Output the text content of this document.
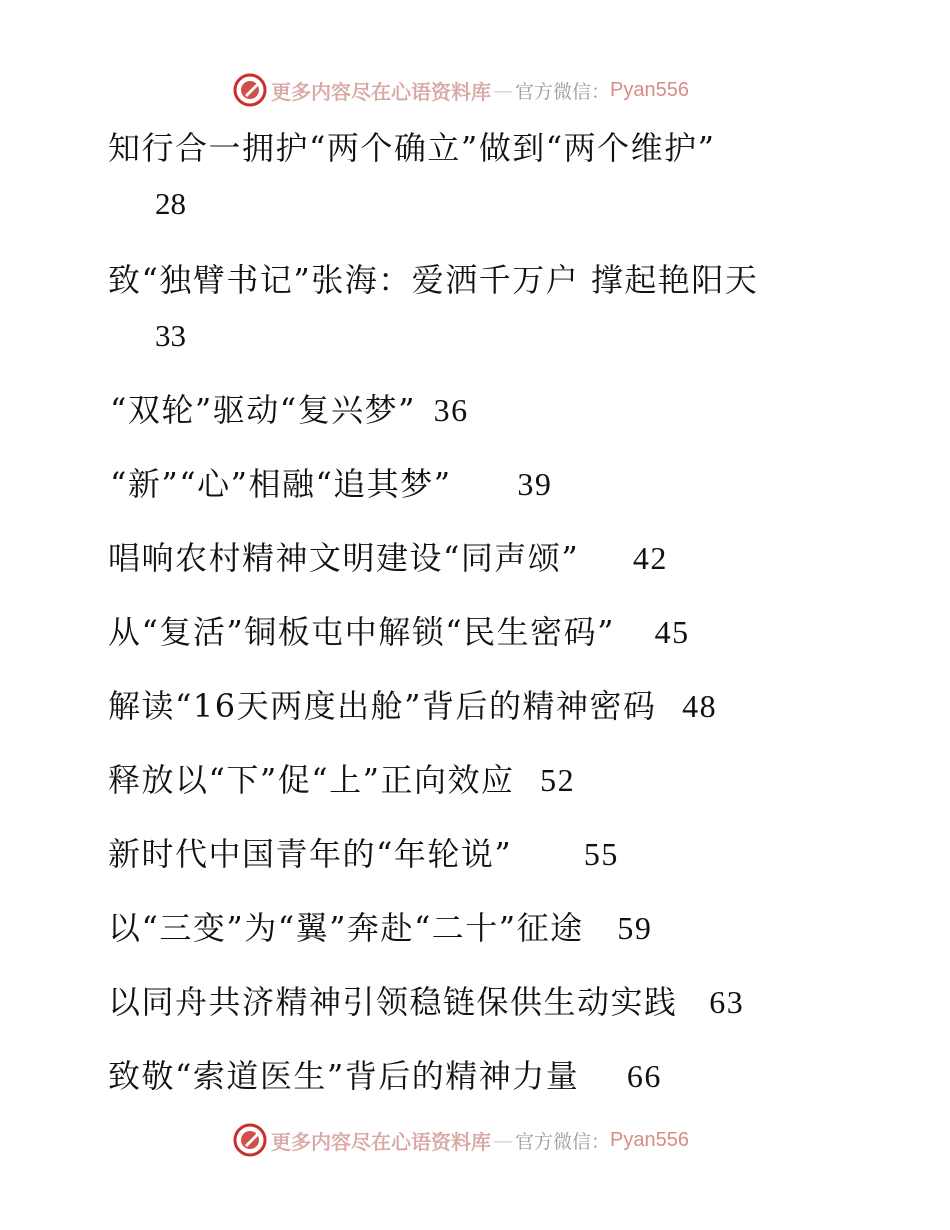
更多内容尽在心语资料库 — 官方微信： Pyan556
知行合一拥护“两个确立”做到“两个维护”
28
致“独臂书记”张海：爱洒千万户 撑起艳阳天
33
“双轮”驱动“复兴梦” 36
“新”“心”相融“追其梦” 39
唱响农村精神文明建设“同声颂” 42
从“复活”铜板屯中解锁“民生密码” 45
解读“16天两度出舱”背后的精神密码 48
释放以“下”促“上”正向效应 52
新时代中国青年的“年轮说” 55
以“三变”为“翼”奔赴“二十”征途 59
以同舟共济精神引领稳链保供生动实践 63
致敬“索道医生”背后的精神力量 66
更多内容尽在心语资料库 — 官方微信： Pyan556
